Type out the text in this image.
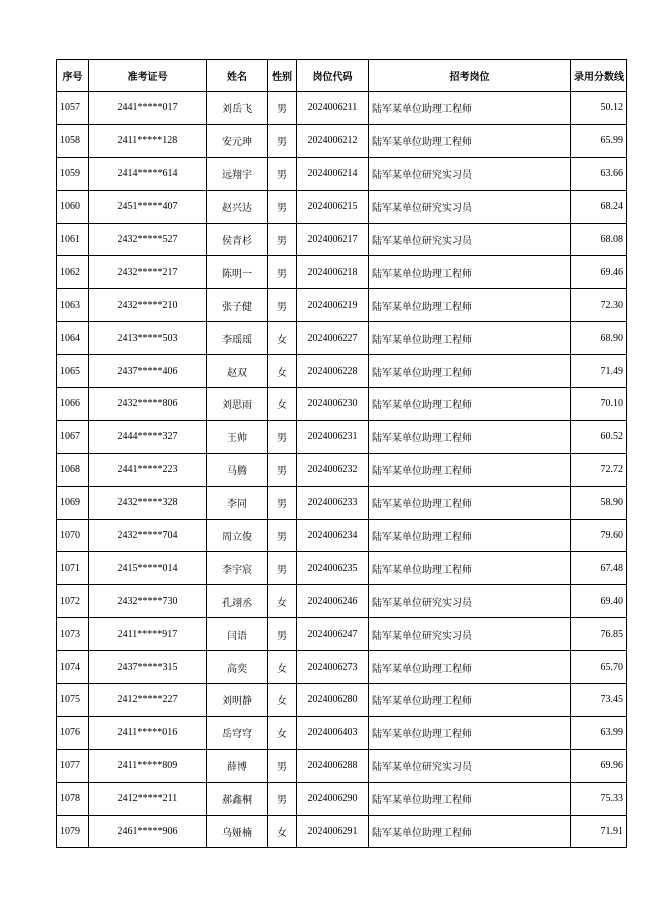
序号	准考证号	姓名	性别	岗位代码	招考岗位	录用分数线
1057	2441*****017	刘岳飞	男	2024006211	陆军某单位助理工程师	50.12
1058	2411*****128	安元珅	男	2024006212	陆军某单位助理工程师	65.99
1059	2414*****614	远翔宇	男	2024006214	陆军某单位研究实习员	63.66
1060	2451*****407	赵兴达	男	2024006215	陆军某单位研究实习员	68.24
1061	2432*****527	侯青杉	男	2024006217	陆军某单位研究实习员	68.08
1062	2432*****217	陈明一	男	2024006218	陆军某单位助理工程师	69.46
1063	2432*****210	张子健	男	2024006219	陆军某单位助理工程师	72.30
1064	2413*****503	李瑶瑶	女	2024006227	陆军某单位助理工程师	68.90
1065	2437*****406	赵双	女	2024006228	陆军某单位助理工程师	71.49
1066	2432*****806	刘思雨	女	2024006230	陆军某单位助理工程师	70.10
1067	2444*****327	王帅	男	2024006231	陆军某单位助理工程师	60.52
1068	2441*****223	马腾	男	2024006232	陆军某单位助理工程师	72.72
1069	2432*****328	李同	男	2024006233	陆军某单位助理工程师	58.90
1070	2432*****704	周立俊	男	2024006234	陆军某单位助理工程师	79.60
1071	2415*****014	李宇宸	男	2024006235	陆军某单位助理工程师	67.48
1072	2432*****730	孔翊丞	女	2024006246	陆军某单位研究实习员	69.40
1073	2411*****917	闫语	男	2024006247	陆军某单位研究实习员	76.85
1074	2437*****315	高奕	女	2024006273	陆军某单位助理工程师	65.70
1075	2412*****227	刘明静	女	2024006280	陆军某单位助理工程师	73.45
1076	2411*****016	岳穹穹	女	2024006403	陆军某单位助理工程师	63.99
1077	2411*****809	薛博	男	2024006288	陆军某单位研究实习员	69.96
1078	2412*****211	郝鑫桐	男	2024006290	陆军某单位助理工程师	75.33
1079	2461*****906	乌娅楠	女	2024006291	陆军某单位助理工程师	71.91
